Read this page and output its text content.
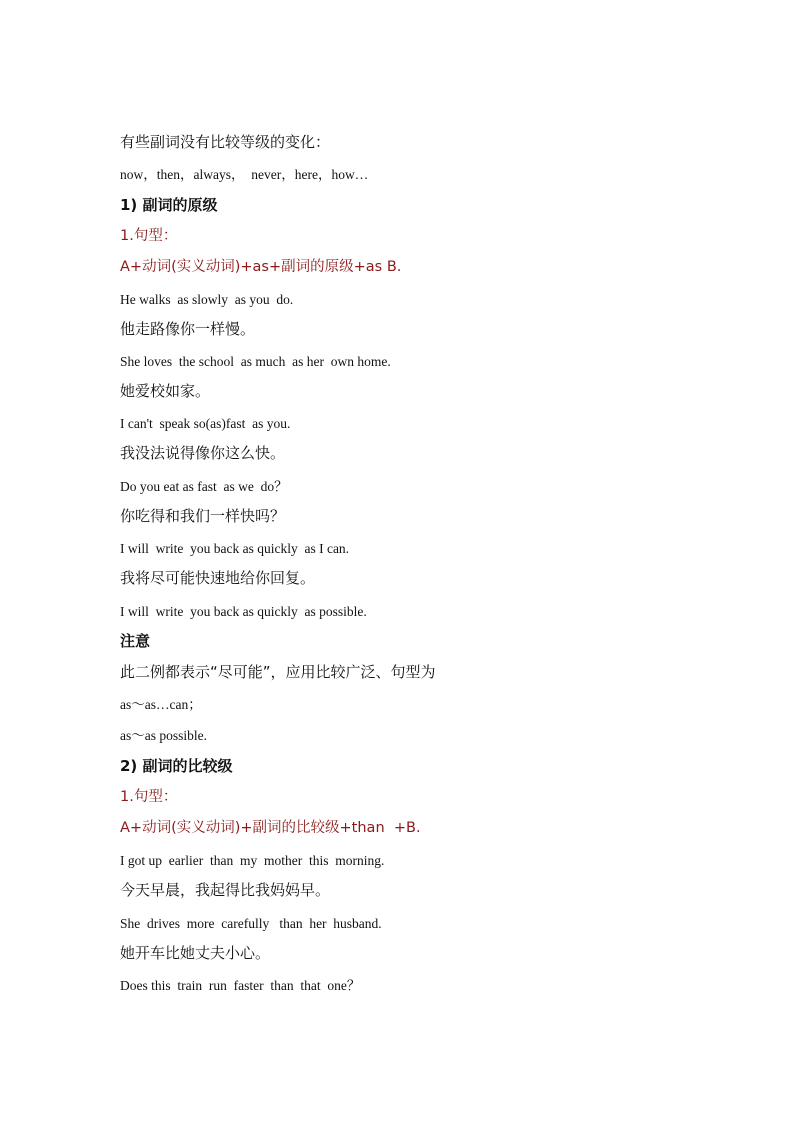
有些副词没有比较等级的变化：
now，then，always，  never，here，how…
1) 副词的原级
1.句型：
A+动词(实义动词)+as+副词的原级+as B.
He walks  as slowly  as you  do.
他走路像你一样慢。
She loves  the school  as much  as her  own home.
她爱校如家。
I can't  speak so(as)fast  as you.
我没法说得像你这么快。
Do you eat as fast  as we  do？
你吃得和我们一样快吗？
I will  write  you back as quickly  as I can.
我将尽可能快速地给你回复。
I will  write  you back as quickly  as possible.
注意
此二例都表示“尽可能”，应用比较广泛、句型为
as～as…can；
as～as possible.
2) 副词的比较级
1.句型：
A+动词(实义动词)+副词的比较级+than  +B.
I got up  earlier  than  my  mother  this  morning.
今天早晨，我起得比我妈妈早。
She  drives  more  carefully   than  her  husband.
她开车比她丈夫小心。
Does this  train  run  faster  than  that  one？
